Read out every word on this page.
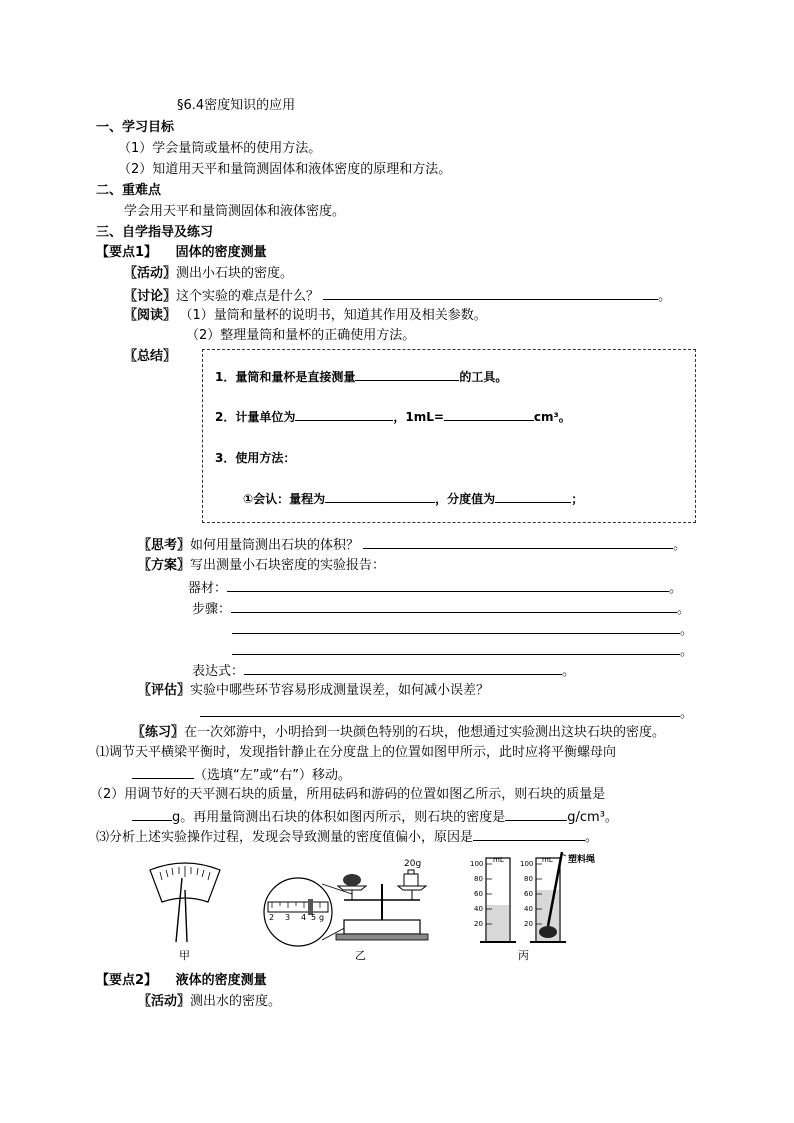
§6.4密度知识的应用
一、学习目标
（1）学会量筒或量杯的使用方法。
（2）知道用天平和量筒测固体和液体密度的原理和方法。
二、重难点
学会用天平和量筒测固体和液体密度。
三、自学指导及练习
【要点1】 固体的密度测量
〖活动〗测出小石块的密度。
〖讨论〗这个实验的难点是什么？	。
〖阅读〗 （1）量筒和量杯的说明书，知道其作用及相关参数。
（2）整理量筒和量杯的正确使用方法。
〖总结〗
1．量筒和量杯是直接测量	的工具。
2．计量单位为	，1mL=	cm³。
3．使用方法：
①会认：量程为	，分度值为	；
〖思考〗如何用量筒测出石块的体积？	。
〖方案〗写出测量小石块密度的实验报告：
器材：	。
步骤：	。
。
。
表达式：	。
〖评估〗实验中哪些环节容易形成测量误差，如何减小误差？
。
〖练习〗在一次郊游中，小明拾到一块颜色特别的石块，他想通过实验测出这块石块的密度。
⑴调节天平横梁平衡时，发现指针静止在分度盘上的位置如图甲所示，此时应将平衡螺母向
（选填“左”或“右”）移动。
（2）用调节好的天平测石块的质量，所用砝码和游码的位置如图乙所示，则石块的质量是
g。再用量筒测出石块的体积如图丙所示，则石块的密度是	g/cm³。
⑶分析上述实验操作过程，发现会导致测量的密度值偏小，原因是	。
甲
20g
2 3 4 5 g
乙
mL
100
80
60
40
20
mL
100
80
60
40
20
塑料绳
丙
【要点2】 液体的密度测量
〖活动〗测出水的密度。
